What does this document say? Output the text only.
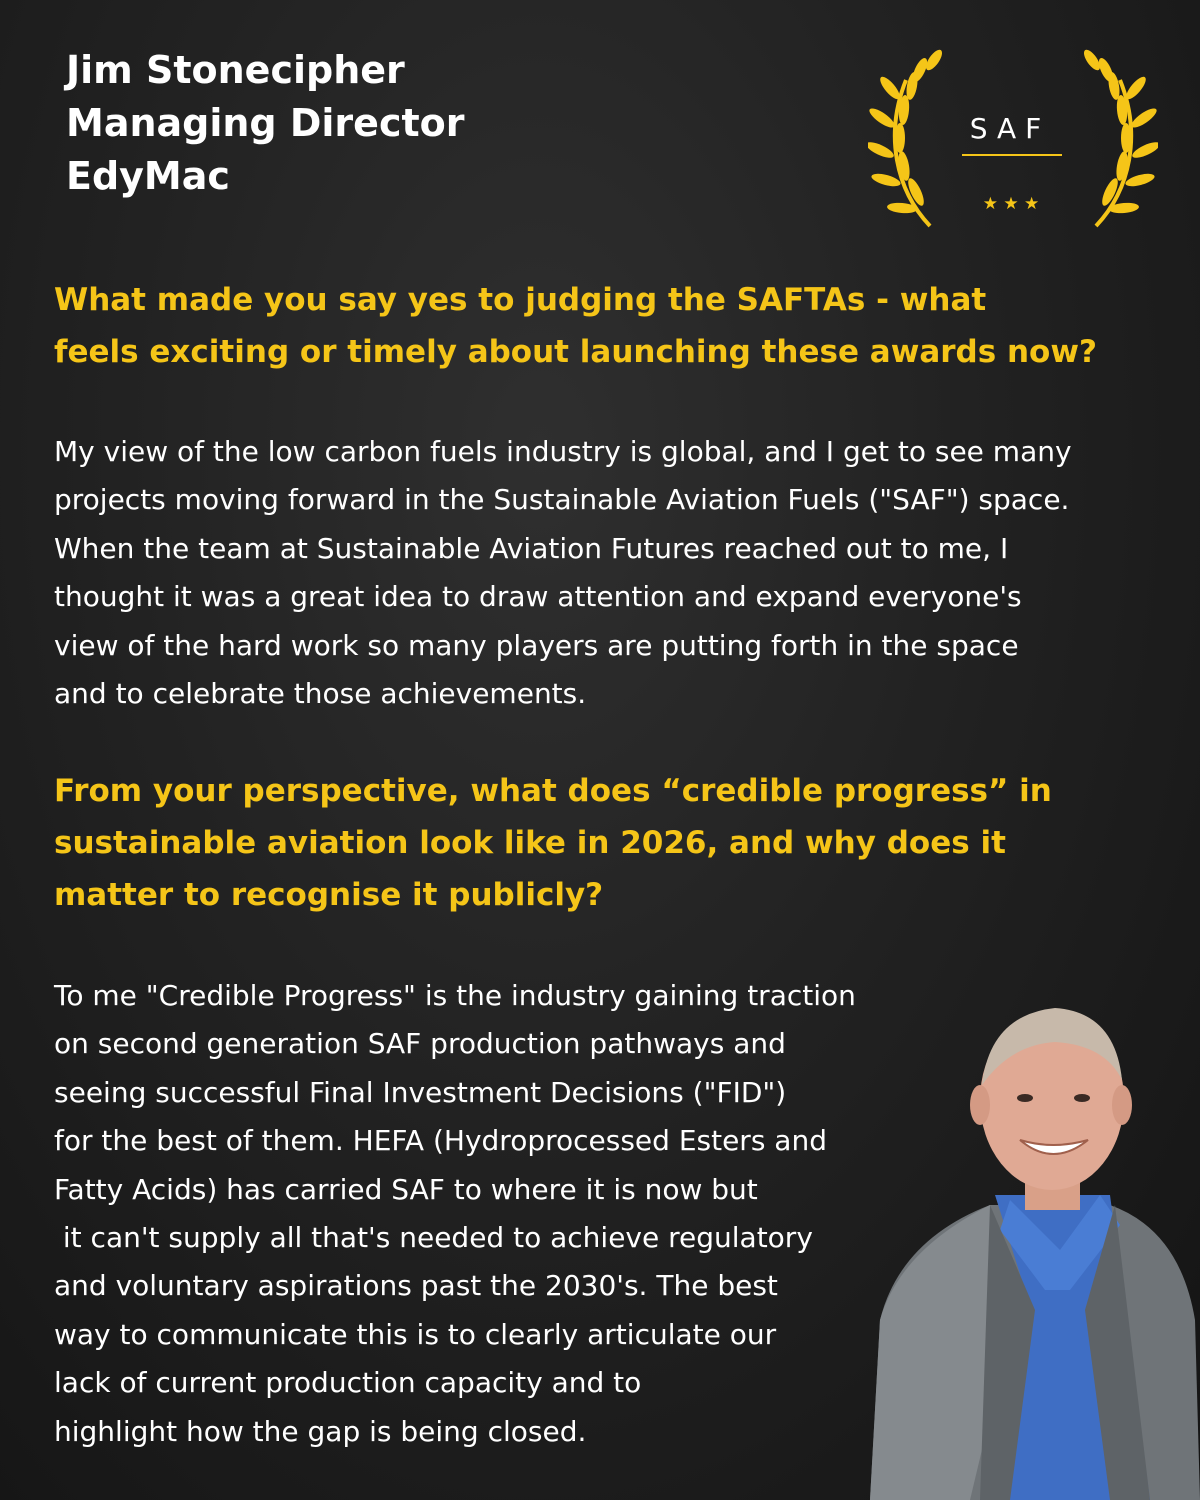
Jim Stonecipher
Managing Director
EdyMac
SAF
★ ★ ★
What made you say yes to judging the SAFTAs - what
feels exciting or timely about launching these awards now?
My view of the low carbon fuels industry is global, and I get to see many
projects moving forward in the Sustainable Aviation Fuels ("SAF") space.
When the team at Sustainable Aviation Futures reached out to me, I
thought it was a great idea to draw attention and expand everyone's
view of the hard work so many players are putting forth in the space
and to celebrate those achievements.
From your perspective, what does “credible progress” in
sustainable aviation look like in 2026, and why does it
matter to recognise it publicly?
To me "Credible Progress" is the industry gaining traction
on second generation SAF production pathways and
seeing successful Final Investment Decisions ("FID")
for the best of them. HEFA (Hydroprocessed Esters and
Fatty Acids) has carried SAF to where it is now but
it can't supply all that's needed to achieve regulatory
and voluntary aspirations past the 2030's. The best
way to communicate this is to clearly articulate our
lack of current production capacity and to
highlight how the gap is being closed.
